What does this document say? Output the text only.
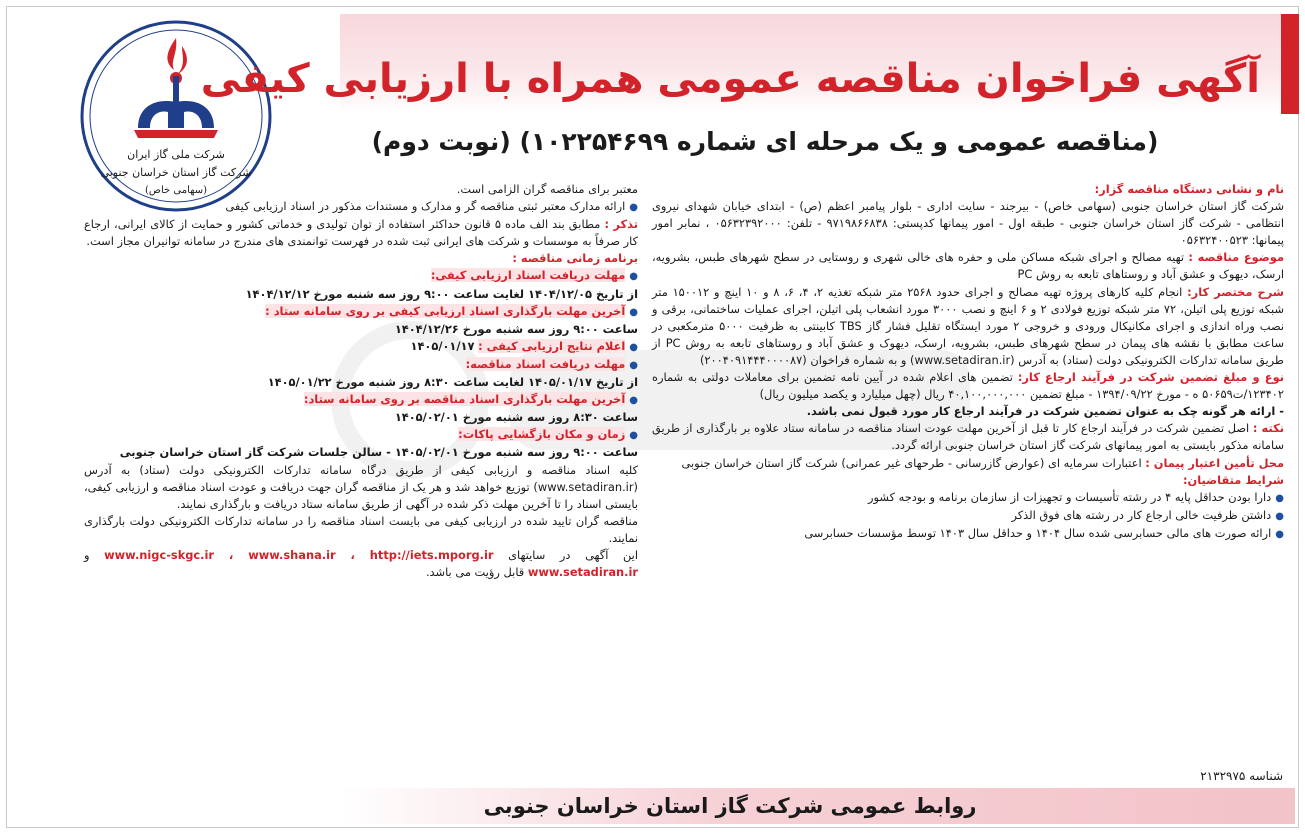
شرکت ملی گاز ایران
شرکت گاز استان خراسان جنوبی
(سهامی خاص)
آگهی فراخوان مناقصه عمومی همراه با ارزیابی کیفی
(مناقصه عمومی و یک مرحله ای شماره ۱۰۲۲۵۴۶۹۹) (نوبت دوم)

نام و نشانی دستگاه مناقصه گزار:

شرکت گاز استان خراسان جنوبی (سهامی خاص) - بیرجند - سایت اداری - بلوار پیامبر اعظم (ص) - ابتدای خیابان شهدای نیروی انتظامی - شرکت گاز استان خراسان جنوبی - طبقه اول - امور پیمانها کدپستی: ۹۷۱۹۸۶۶۸۳۸ - تلفن: ۰۵۶۳۲۳۹۲۰۰۰ ، نمابر امور پیمانها: ۰۵۶۳۲۴۰۰۵۲۳

موضوع مناقصه : تهیه مصالح و اجرای شبکه مساکن ملی و حفره های خالی شهری و روستایی در سطح شهرهای طبس، بشرویه، ارسک، دیهوک و عشق آباد و روستاهای تابعه به روش PC

شرح مختصر کار: انجام کلیه کارهای پروژه تهیه مصالح و اجرای حدود ۲۵۶۸ متر شبکه تغذیه ۲، ۴، ۶، ۸ و ۱۰ اینچ و ۱۵۰۰۱۲ متر شبکه توزیع پلی اتیلن، ۷۲ متر شبکه توزیع فولادی ۲ و ۶ اینچ و نصب ۳۰۰۰ مورد انشعاب پلی اتیلن، اجرای عملیات ساختمانی، برقی و نصب وراه اندازی و اجرای مکانیکال ورودی و خروجی ۲ مورد ایستگاه تقلیل فشار گاز TBS کابینتی به ظرفیت ۵۰۰۰ مترمکعبی در ساعت مطابق با نقشه های پیمان در سطح شهرهای طبس، بشرویه، ارسک، دیهوک و عشق آباد و روستاهای تابعه به روش PC از طریق سامانه تدارکات الکترونیکی دولت (ستاد) به آدرس (www.setadiran.ir) و به شماره فراخوان (۲۰۰۴۰۹۱۴۴۴۰۰۰۰۸۷)

نوع و مبلغ تضمین شرکت در فرآیند ارجاع کار: تضمین های اعلام شده در آیین نامه تضمین برای معاملات دولتی به شماره ۱۲۳۴۰۲/ت۵۰۶۵۹ ه - مورخ ۱۳۹۴/۰۹/۲۲ - مبلغ تضمین ۴۰,۱۰۰,۰۰۰,۰۰۰ ریال (چهل میلیارد و یکصد میلیون ریال)

- ارائه هر گونه چک به عنوان تضمین شرکت در فرآیند ارجاع کار مورد قبول نمی باشد.

نکته : اصل تضمین شرکت در فرآیند ارجاع کار تا قبل از آخرین مهلت عودت اسناد مناقصه در سامانه ستاد علاوه بر بارگذاری از طریق سامانه مذکور بایستی به امور پیمانهای شرکت گاز استان خراسان جنوبی ارائه گردد.

محل تأمین اعتبار پیمان : اعتبارات سرمایه ای (عوارض گازرسانی - طرحهای غیر عمرانی) شرکت گاز استان خراسان جنوبی

شرایط متقاضیان:

●دارا بودن حداقل پایه ۴ در رشته تأسیسات و تجهیزات از سازمان برنامه و بودجه کشور

●داشتن ظرفیت خالی ارجاع کار در رشته های فوق الذکر

●ارائه صورت های مالی حسابرسی شده سال ۱۴۰۴ و حداقل سال ۱۴۰۳ توسط مؤسسات حسابرسی

معتبر برای مناقصه گران الزامی است.

●ارائه مدارک معتبر ثبتی مناقصه گر و مدارک و مستندات مذکور در اسناد ارزیابی کیفی

تذکر : مطابق بند الف ماده ۵ قانون حداکثر استفاده از توان تولیدی و خدماتی کشور و حمایت از کالای ایرانی، ارجاع کار صرفاً به موسسات و شرکت های ایرانی ثبت شده در فهرست توانمندی های مندرج در سامانه توانیران مجاز است.

برنامه زمانی مناقصه :

●مهلت دریافت اسناد ارزیابی کیفی:

از تاریخ ۱۴۰۴/۱۲/۰۵ لغایت ساعت ۹:۰۰ روز سه شنبه مورخ ۱۴۰۴/۱۲/۱۲

●آخرین مهلت بارگذاری اسناد ارزیابی کیفی بر روی سامانه ستاد :

ساعت ۹:۰۰ روز سه شنبه مورخ ۱۴۰۴/۱۲/۲۶

●اعلام نتایج ارزیابی کیفی : ۱۴۰۵/۰۱/۱۷

●مهلت دریافت اسناد مناقصه:

از تاریخ ۱۴۰۵/۰۱/۱۷ لغایت ساعت ۸:۳۰ روز شنبه مورخ ۱۴۰۵/۰۱/۲۲

●آخرین مهلت بارگذاری اسناد مناقصه بر روی سامانه ستاد:

ساعت ۸:۳۰ روز سه شنبه مورخ ۱۴۰۵/۰۲/۰۱

●زمان و مکان بازگشایی پاکات:

ساعت ۹:۰۰ روز سه شنبه مورخ ۱۴۰۵/۰۲/۰۱ - سالن جلسات شرکت گاز استان خراسان جنوبی

کلیه اسناد مناقصه و ارزیابی کیفی از طریق درگاه سامانه تدارکات الکترونیکی دولت (ستاد) به آدرس (www.setadiran.ir) توزیع خواهد شد و هر یک از مناقصه گران جهت دریافت و عودت اسناد مناقصه و ارزیابی کیفی، بایستی اسناد را تا آخرین مهلت ذکر شده در آگهی از طریق سامانه ستاد دریافت و بارگذاری نمایند.

مناقصه گران تایید شده در ارزیابی کیفی می بایست اسناد مناقصه را در سامانه تدارکات الکترونیکی دولت بارگذاری نمایند.

این آگهی در سایتهای www.nigc-skgc.ir ، www.shana.ir ، http://iets.mporg.ir و www.setadiran.ir قابل رؤیت می باشد.

شناسه ۲۱۳۲۹۷۵
روابط عمومی شرکت گاز استان خراسان جنوبی
